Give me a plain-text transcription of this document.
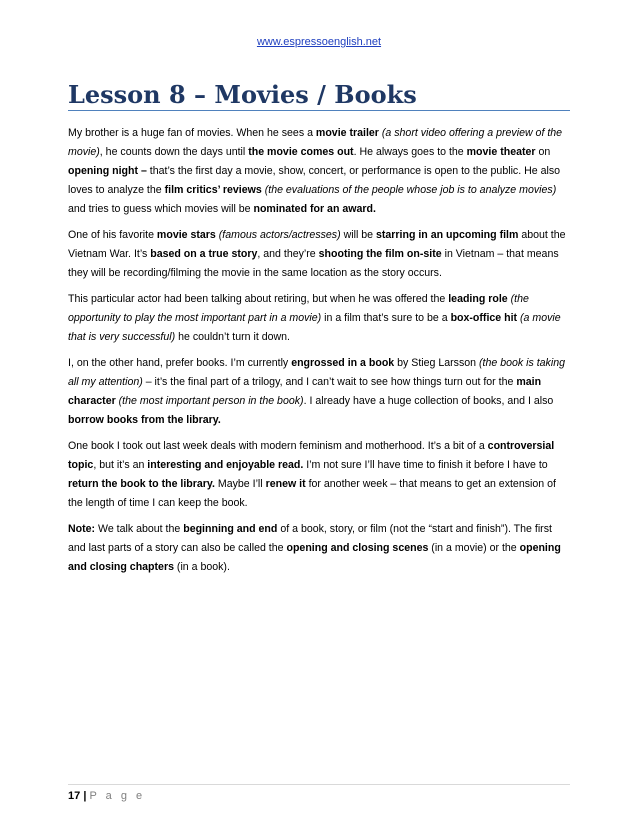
www.espressoenglish.net
Lesson 8 – Movies / Books

My brother is a huge fan of movies. When he sees a movie trailer (a short video offering a preview of the movie), he counts down the days until the movie comes out. He always goes to the movie theater on opening night – that’s the first day a movie, show, concert, or performance is open to the public. He also loves to analyze the film critics’ reviews (the evaluations of the people whose job is to analyze movies) and tries to guess which movies will be nominated for an award.

One of his favorite movie stars (famous actors/actresses) will be starring in an upcoming film about the Vietnam War. It’s based on a true story, and they’re shooting the film on-site in Vietnam – that means they will be recording/filming the movie in the same location as the story occurs.

This particular actor had been talking about retiring, but when he was offered the leading role (the opportunity to play the most important part in a movie) in a film that’s sure to be a box-office hit (a movie that is very successful) he couldn’t turn it down.

I, on the other hand, prefer books. I’m currently engrossed in a book by Stieg Larsson (the book is taking all my attention) – it’s the final part of a trilogy, and I can’t wait to see how things turn out for the main character (the most important person in the book). I already have a huge collection of books, and I also borrow books from the library.

One book I took out last week deals with modern feminism and motherhood. It’s a bit of a controversial topic, but it’s an interesting and enjoyable read. I’m not sure I’ll have time to finish it before I have to return the book to the library. Maybe I’ll renew it for another week – that means to get an extension of the length of time I can keep the book.

Note: We talk about the beginning and end of a book, story, or film (not the “start and finish”). The first and last parts of a story can also be called the opening and closing scenes (in a movie) or the opening and closing chapters (in a book).

17 | P a g e
